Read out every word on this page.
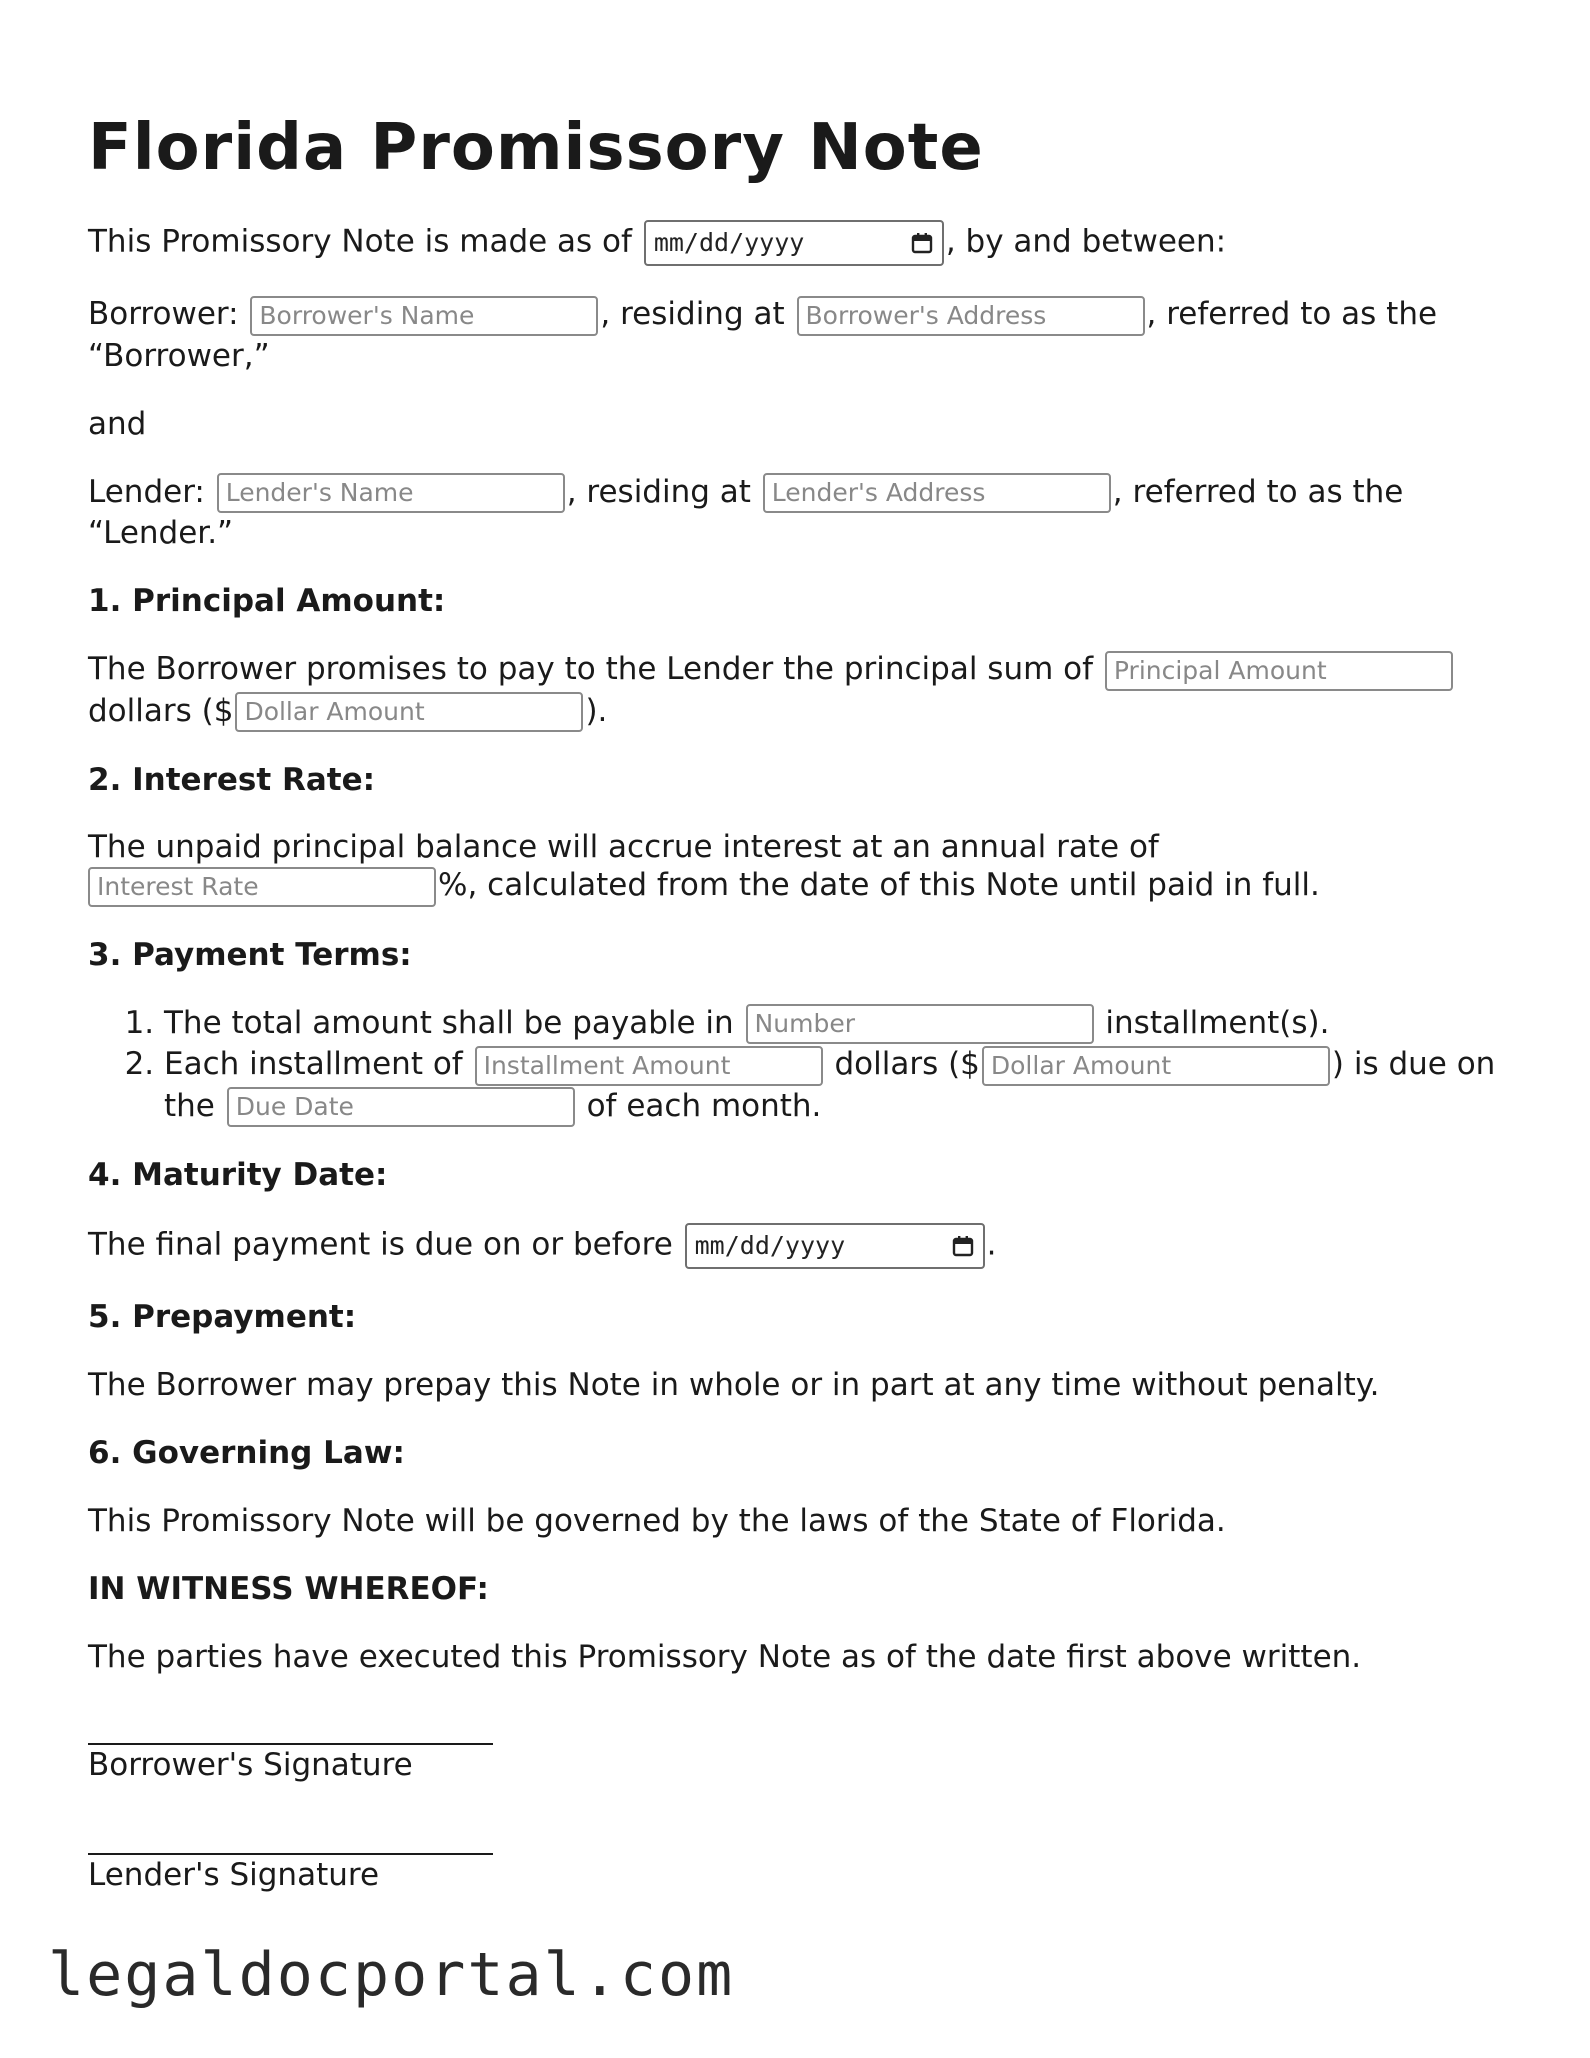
Florida Promissory Note

This Promissory Note is made as of mm/dd/yyyy	, by and between:

Borrower: Borrower's Name	, residing at Borrower's Address	, referred to as the “Borrower,”

and

Lender: Lender's Name	, residing at Lender's Address	, referred to as the “Lender.”

1. Principal Amount:

The Borrower promises to pay to the Lender the principal sum of Principal Amount dollars ($ Dollar Amount	).

2. Interest Rate:

The unpaid principal balance will accrue interest at an annual rate of
Interest Rate	%, calculated from the date of this Note until paid in full.

3. Payment Terms:
1. The total amount shall be payable in Number	installment(s).
2. Each installment of Installment Amount	dollars ($ Dollar Amount	) is due on the Due Date	of each month.
4. Maturity Date:

The final payment is due on or before mm/dd/yyyy	.

5. Prepayment:

The Borrower may prepay this Note in whole or in part at any time without penalty.

6. Governing Law:

This Promissory Note will be governed by the laws of the State of Florida.

IN WITNESS WHEREOF:

The parties have executed this Promissory Note as of the date first above written.

Borrower's Signature
Lender's Signature
legaldocportal.com
